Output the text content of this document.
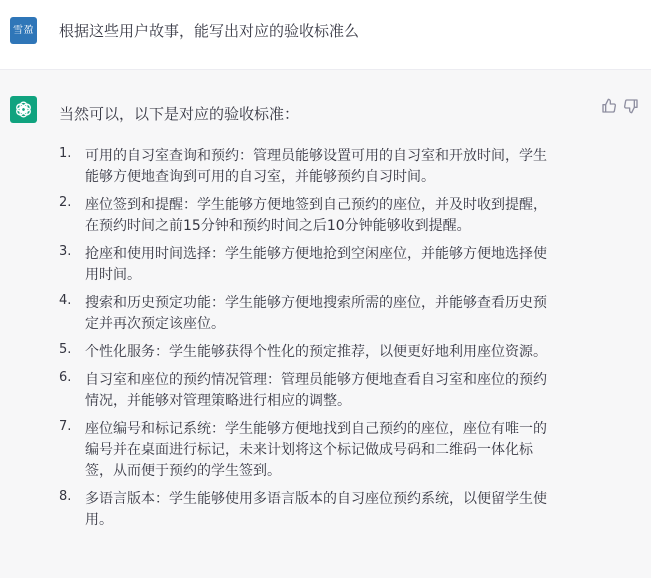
雪盈 根据这些用户故事，能写出对应的验收标准么
当然可以，以下是对应的验收标准：
1. 可用的自习室查询和预约：管理员能够设置可用的自习室和开放时间，学生
能够方便地查询到可用的自习室，并能够预约自习时间。
2. 座位签到和提醒：学生能够方便地签到自己预约的座位，并及时收到提醒，
在预约时间之前15分钟和预约时间之后10分钟能够收到提醒。
3. 抢座和使用时间选择：学生能够方便地抢到空闲座位，并能够方便地选择使
用时间。
4. 搜索和历史预定功能：学生能够方便地搜索所需的座位，并能够查看历史预
定并再次预定该座位。
5. 个性化服务：学生能够获得个性化的预定推荐，以便更好地利用座位资源。
6. 自习室和座位的预约情况管理：管理员能够方便地查看自习室和座位的预约
情况，并能够对管理策略进行相应的调整。
7. 座位编号和标记系统：学生能够方便地找到自己预约的座位，座位有唯一的
编号并在桌面进行标记，未来计划将这个标记做成号码和二维码一体化标
签，从而便于预约的学生签到。
8. 多语言版本：学生能够使用多语言版本的自习座位预约系统，以便留学生使
用。
